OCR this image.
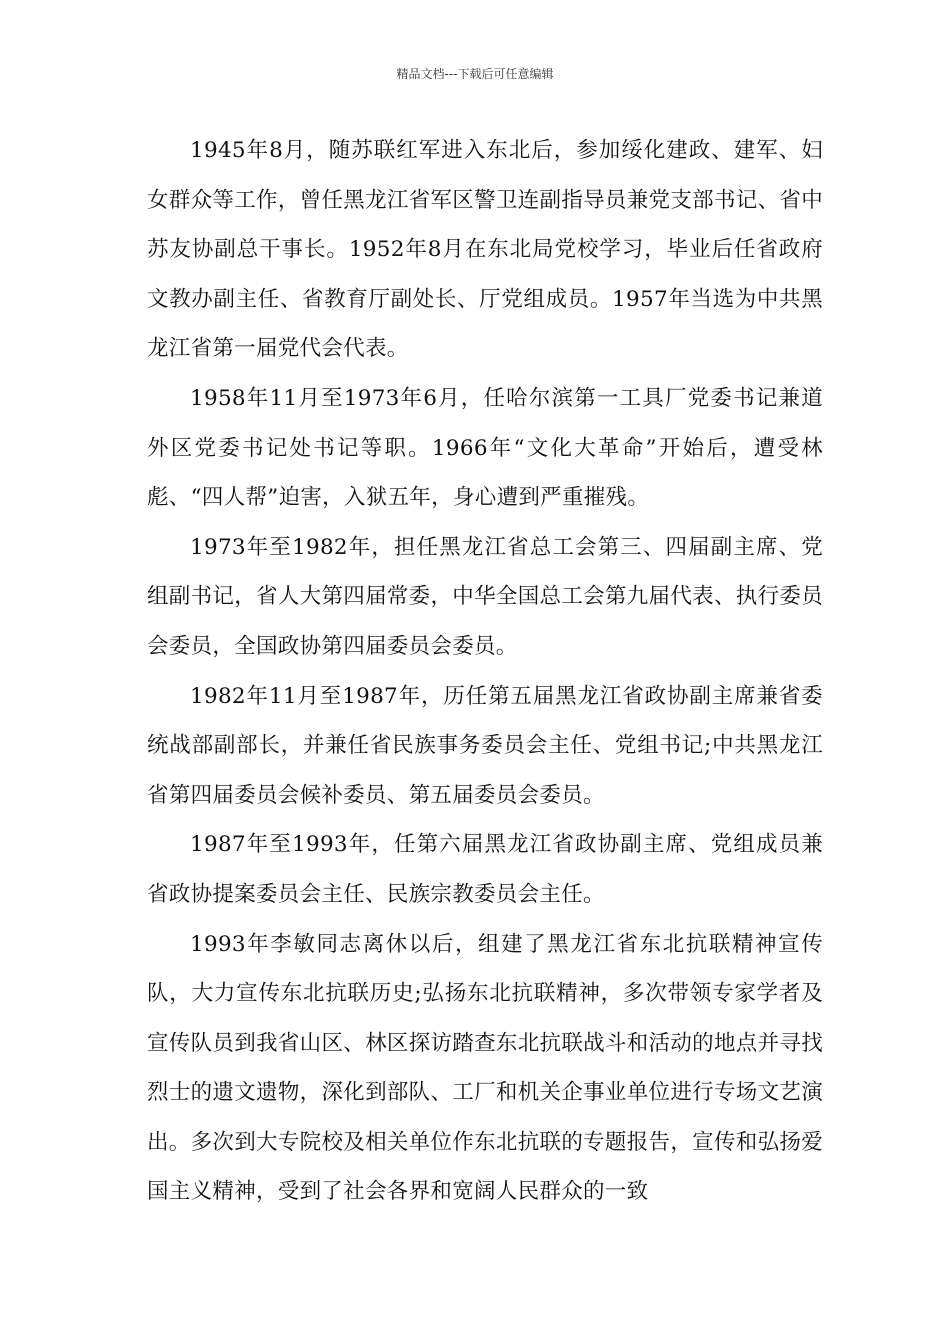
精品文档---下载后可任意编辑

1945年8月，随苏联红军进入东北后，参加绥化建政、建军、妇女群众等工作，曾任黑龙江省军区警卫连副指导员兼党支部书记、省中苏友协副总干事长。1952年8月在东北局党校学习，毕业后任省政府文教办副主任、省教育厅副处长、厅党组成员。1957年当选为中共黑龙江省第一届党代会代表。

1958年11月至1973年6月，任哈尔滨第一工具厂党委书记兼道外区党委书记处书记等职。1966年“文化大革命”开始后，遭受林彪、“四人帮”迫害，入狱五年，身心遭到严重摧残。

1973年至1982年，担任黑龙江省总工会第三、四届副主席、党组副书记，省人大第四届常委，中华全国总工会第九届代表、执行委员会委员，全国政协第四届委员会委员。

1982年11月至1987年，历任第五届黑龙江省政协副主席兼省委统战部副部长，并兼任省民族事务委员会主任、党组书记;中共黑龙江省第四届委员会候补委员、第五届委员会委员。

1987年至1993年，任第六届黑龙江省政协副主席、党组成员兼省政协提案委员会主任、民族宗教委员会主任。

1993年李敏同志离休以后，组建了黑龙江省东北抗联精神宣传队，大力宣传东北抗联历史;弘扬东北抗联精神，多次带领专家学者及宣传队员到我省山区、林区探访踏查东北抗联战斗和活动的地点并寻找烈士的遗文遗物，深化到部队、工厂和机关企事业单位进行专场文艺演出。多次到大专院校及相关单位作东北抗联的专题报告，宣传和弘扬爱国主义精神，受到了社会各界和宽阔人民群众的一致
